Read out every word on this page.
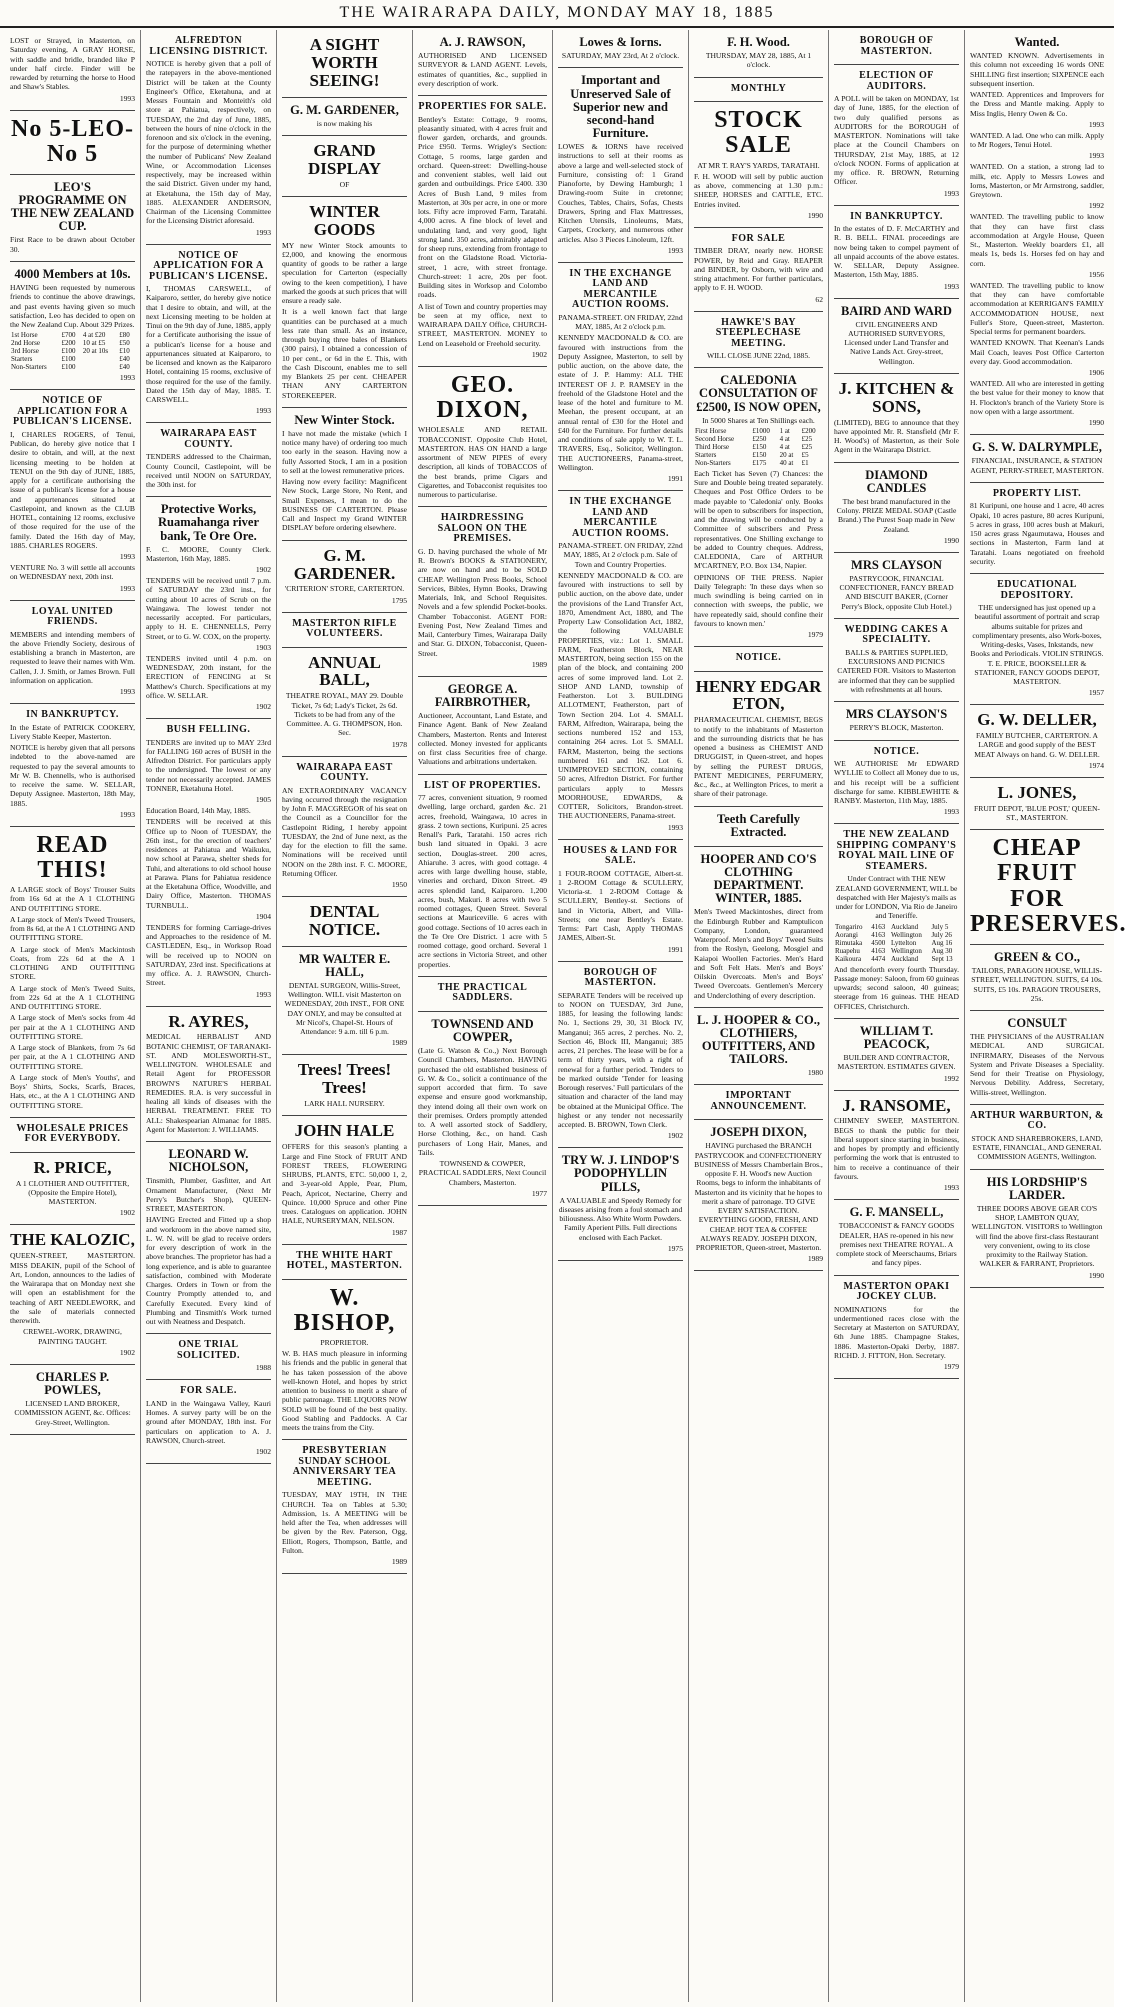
THE WAIRARAPA DAILY, MONDAY MAY 18, 1885
LOST or Strayed, in Masterton, on Saturday evening, A GRAY HORSE, with saddle and bridle, branded like P under half circle. Finder will be rewarded by returning the horse to Hood and Shaw's Stables.
1993
No 5-LEO-No 5
LEO'S PROGRAMME ON THE NEW ZEALAND CUP.
First Race to be drawn about October 30.
4000 Members at 10s.
HAVING been requested by numerous friends to continue the above drawings, and past events having given so much satisfaction, Leo has decided to open on the New Zealand Cup. About 329 Prizes.
1st Horse	£700	4 at £20	£80
2nd Horse	£200	10 at £5	£50
3rd Horse	£100	20 at 10s	£10
Starters	£100		£40
Non-Starters	£100		£40
1993
NOTICE OF APPLICATION FOR A PUBLICAN'S LICENSE.
I, CHARLES ROGERS, of Tenui, Publican, do hereby give notice that I desire to obtain, and will, at the next licensing meeting to be holden at TENUI on the 9th day of JUNE, 1885, apply for a certificate authorising the issue of a publican's license for a house and appurtenances situated at Castlepoint, and known as the CLUB HOTEL, containing 12 rooms, exclusive of those required for the use of the family. Dated the 16th day of May, 1885. CHARLES ROGERS.
1993
VENTURE No. 3 will settle all accounts on WEDNESDAY next, 20th inst.
1993
LOYAL UNITED FRIENDS.
MEMBERS and intending members of the above Friendly Society, desirous of establishing a branch in Masterton, are requested to leave their names with Wm. Callen, J. J. Smith, or James Brown. Full information on application.
1993
IN BANKRUPTCY.
In the Estate of PATRICK COOKERY, Livery Stable Keeper, Masterton.
NOTICE is hereby given that all persons indebted to the above-named are requested to pay the several amounts to Mr W. B. Chennells, who is authorised to receive the same. W. SELLAR, Deputy Assignee. Masterton, 18th May, 1885.
1993
READ THIS!
A LARGE stock of Boys' Trouser Suits from 16s 6d at the A 1 CLOTHING AND OUTFITTING STORE.
A Large stock of Men's Tweed Trousers, from 8s 6d, at the A 1 CLOTHING AND OUTFITTING STORE.
A Large stock of Men's Mackintosh Coats, from 22s 6d at the A 1 CLOTHING AND OUTFITTING STORE.
A Large stock of Men's Tweed Suits, from 22s 6d at the A 1 CLOTHING AND OUTFITTING STORE.
A Large stock of Men's socks from 4d per pair at the A 1 CLOTHING AND OUTFITTING STORE.
A Large stock of Blankets, from 7s 6d per pair, at the A 1 CLOTHING AND OUTFITTING STORE.
A Large stock of Men's Youths', and Boys' Shirts, Socks, Scarfs, Braces, Hats, etc., at the A 1 CLOTHING AND OUTFITTING STORE.
WHOLESALE PRICES FOR EVERYBODY.
R. PRICE,
A 1 CLOTHIER AND OUTFITTER, (Opposite the Empire Hotel), MASTERTON.
1902
THE KALOZIC,
QUEEN-STREET, MASTERTON. MISS DEAKIN, pupil of the School of Art, London, announces to the ladies of the Wairarapa that on Monday next she will open an establishment for the teaching of ART NEEDLEWORK, and the sale of materials connected therewith.
CREWEL-WORK, DRAWING, PAINTING TAUGHT.
1902
CHARLES P. POWLES,
LICENSED LAND BROKER, COMMISSION AGENT, &c. Offices: Grey-Street, Wellington.
ALFREDTON LICENSING DISTRICT.
NOTICE is hereby given that a poll of the ratepayers in the above-mentioned District will be taken at the County Engineer's Office, Eketahuna, and at Messrs Fountain and Monteith's old store at Pahiatua, respectively, on TUESDAY, the 2nd day of June, 1885, between the hours of nine o'clock in the forenoon and six o'clock in the evening, for the purpose of determining whether the number of Publicans' New Zealand Wine, or Accommodation Licenses respectively, may be increased within the said District. Given under my hand, at Eketahuna, the 15th day of May, 1885. ALEXANDER ANDERSON, Chairman of the Licensing Committee for the Licensing District aforesaid.
1993
NOTICE OF APPLICATION FOR A PUBLICAN'S LICENSE.
I, THOMAS CARSWELL, of Kaiparoro, settler, do hereby give notice that I desire to obtain, and will, at the next Licensing meeting to be holden at Tinui on the 9th day of June, 1885, apply for a Certificate authorising the issue of a publican's license for a house and appurtenances situated at Kaiparoro, to be licensed and known as the Kaiparoro Hotel, containing 15 rooms, exclusive of those required for the use of the family. Dated the 15th day of May, 1885. T. CARSWELL.
1993
WAIRARAPA EAST COUNTY.
TENDERS addressed to the Chairman, County Council, Castlepoint, will be received until NOON on SATURDAY, the 30th inst. for
Protective Works, Ruamahanga river bank, Te Ore Ore.
F. C. MOORE, County Clerk. Masterton, 16th May, 1885.
1902
TENDERS will be received until 7 p.m. of SATURDAY the 23rd inst., for cutting about 10 acres of Scrub on the Waingawa. The lowest tender not necessarily accepted. For particulars, apply to H. E. CHENNELLS, Perry Street, or to G. W. COX, on the property.
1903
TENDERS invited until 4 p.m. on WEDNESDAY, 20th instant, for the ERECTION of FENCING at St Matthew's Church. Specifications at my office. W. SELLAR.
1902
BUSH FELLING.
TENDERS are invited up to MAY 23rd for FALLING 160 acres of BUSH in the Alfredton District. For particulars apply to the undersigned. The lowest or any tender not necessarily accepted. JAMES TONNER, Eketahuna Hotel.
1905
Education Board, 14th May, 1885.
TENDERS will be received at this Office up to Noon of TUESDAY, the 26th inst., for the erection of teachers' residences at Pahiatua and Waikuku, now school at Parawa, shelter sheds for Tuhi, and alterations to old school house at Parawa. Plans for Pahiatua residence at the Eketahuna Office, Woodville, and Dairy Office, Masterton. THOMAS TURNBULL.
1904
TENDERS for forming Carriage-drives and Approaches to the residence of M. CASTLEDEN, Esq., in Worksop Road will be received up to NOON on SATURDAY, 23rd inst. Specifications at my office. A. J. RAWSON, Church-Street.
1993
R. AYRES,
MEDICAL HERBALIST AND BOTANIC CHEMIST, OF TARANAKI-ST. AND MOLESWORTH-ST., WELLINGTON. WHOLESALE and Retail Agent for PROFESSOR BROWN'S NATURE'S HERBAL REMEDIES. R.A. is very successful in healing all kinds of diseases with the HERBAL TREATMENT. FREE TO ALL: Shakespearian Almanac for 1885. Agent for Masterton: J. WILLIAMS.
LEONARD W. NICHOLSON,
Tinsmith, Plumber, Gasfitter, and Art Ornament Manufacturer, (Next Mr Perry's Butcher's Shop), QUEEN-STREET, MASTERTON.
HAVING Erected and Fitted up a shop and workroom in the above named site, L. W. N. will be glad to receive orders for every description of work in the above branches. The proprietor has had a long experience, and is able to guarantee satisfaction, combined with Moderate Charges. Orders in Town or from the Country Promptly attended to, and Carefully Executed. Every kind of Plumbing and Tinsmith's Work turned out with Neatness and Despatch.
ONE TRIAL SOLICITED.
1988
FOR SALE.
LAND in the Waingawa Valley, Kauri Homes. A survey party will be on the ground after MONDAY, 18th inst. For particulars on application to A. J. RAWSON, Church-street.
1902
A SIGHT WORTH SEEING!
G. M. GARDENER,
is now making his
GRAND DISPLAY
OF
WINTER GOODS
MY new Winter Stock amounts to £2,000, and knowing the enormous quantity of goods to be rather a large speculation for Carterton (especially owing to the keen competition), I have marked the goods at such prices that will ensure a ready sale.
It is a well known fact that large quantities can be purchased at a much less rate than small. As an instance, through buying three bales of Blankets (300 pairs), I obtained a concession of 10 per cent., or 6d in the £. This, with the Cash Discount, enables me to sell my Blankets 25 per cent. CHEAPER THAN ANY CARTERTON STOREKEEPER.
New Winter Stock.
I have not made the mistake (which I notice many have) of ordering too much too early in the season. Having now a fully Assorted Stock, I am in a position to sell at the lowest remunerative prices.
Having now every facility: Magnificent New Stock, Large Store, No Rent, and Small Expenses, I mean to do the BUSINESS OF CARTERTON. Please Call and Inspect my Grand WINTER DISPLAY before ordering elsewhere.
G. M. GARDENER.
'CRITERION' STORE, CARTERTON.
1795
MASTERTON RIFLE VOLUNTEERS.
ANNUAL BALL,
THEATRE ROYAL, MAY 29. Double Ticket, 7s 6d; Lady's Ticket, 2s 6d. Tickets to be had from any of the Committee. A. G. THOMPSON, Hon. Sec.
1978
WAIRARAPA EAST COUNTY.
AN EXTRAORDINARY VACANCY having occurred through the resignation by John F. MACGREGOR of his seat on the Council as a Councillor for the Castlepoint Riding, I hereby appoint TUESDAY, the 2nd of June next, as the day for the election to fill the same. Nominations will be received until NOON on the 28th inst. F. C. MOORE, Returning Officer.
1950
DENTAL NOTICE.
MR WALTER E. HALL,
DENTAL SURGEON, Willis-Street, Wellington. WILL visit Masterton on WEDNESDAY, 20th INST., FOR ONE DAY ONLY, and may be consulted at Mr Nicol's, Chapel-St. Hours of Attendance: 9 a.m. till 6 p.m.
1989
Trees! Trees! Trees!
LARK HALL NURSERY.
JOHN HALE
OFFERS for this season's planting a Large and Fine Stock of FRUIT AND FOREST TREES, FLOWERING SHRUBS, PLANTS, ETC. 50,000 1, 2, and 3-year-old Apple, Pear, Plum, Peach, Apricot, Nectarine, Cherry and Quince. 10,000 Spruce and other Pine trees. Catalogues on application. JOHN HALE, NURSERYMAN, NELSON.
1987
THE WHITE HART HOTEL, MASTERTON.
W. BISHOP,
PROPRIETOR.
W. B. HAS much pleasure in informing his friends and the public in general that he has taken possession of the above well-known Hotel, and hopes by strict attention to business to merit a share of public patronage. THE LIQUORS NOW SOLD will be found of the best quality. Good Stabling and Paddocks. A Car meets the trains from the City.
PRESBYTERIAN SUNDAY SCHOOL ANNIVERSARY TEA MEETING.
TUESDAY, MAY 19TH, IN THE CHURCH. Tea on Tables at 5.30; Admission, 1s. A MEETING will be held after the Tea, when addresses will be given by the Rev. Paterson, Ogg, Elliott, Rogers, Thompson, Battle, and Fulton.
1989
A. J. RAWSON,
AUTHORISED AND LICENSED SURVEYOR & LAND AGENT. Levels, estimates of quantities, &c., supplied in every description of work.
PROPERTIES FOR SALE.
Bentley's Estate: Cottage, 9 rooms, pleasantly situated, with 4 acres fruit and flower garden, orchards, and grounds. Price £950. Terms. Wrigley's Section: Cottage, 5 rooms, large garden and orchard. Queen-street: Dwelling-house and convenient stables, well laid out garden and outbuildings. Price £400. 330 Acres of Bush Land, 9 miles from Masterton, at 30s per acre, in one or more lots. Fifty acre improved Farm, Taratahi. 4,000 acres. A fine block of level and undulating land, and very good, light strong land. 350 acres, admirably adapted for sheep runs, extending from frontage to front on the Gladstone Road. Victoria-street, 1 acre, with street frontage. Church-street: 1 acre, 20s per foot. Building sites in Worksop and Colombo roads.
A list of Town and country properties may be seen at my office, next to WAIRARAPA DAILY Office, CHURCH-STREET, MASTERTON. MONEY to Lend on Leasehold or Freehold security.
1902
GEO. DIXON,
WHOLESALE AND RETAIL TOBACCONIST. Opposite Club Hotel, MASTERTON. HAS ON HAND a large assortment of NEW PIPES of every description, all kinds of TOBACCOS of the best brands, prime Cigars and Cigarettes, and Tobacconist requisites too numerous to particularise.
HAIRDRESSING SALOON ON THE PREMISES.
G. D. having purchased the whole of Mr R. Brown's BOOKS & STATIONERY, are now on hand and to be SOLD CHEAP. Wellington Press Books, School Services, Bibles, Hymn Books, Drawing Materials, Ink, and School Requisites. Novels and a few splendid Pocket-books. Chamber Tobacconist. AGENT FOR: Evening Post, New Zealand Times and Mail, Canterbury Times, Wairarapa Daily and Star. G. DIXON, Tobacconist, Queen-Street.
1989
GEORGE A. FAIRBROTHER,
Auctioneer, Accountant, Land Estate, and Finance Agent. Bank of New Zealand Chambers, Masterton. Rents and Interest collected. Money invested for applicants on first class Securities free of charge. Valuations and arbitrations undertaken.
LIST OF PROPERTIES.
77 acres, convenient situation, 9 roomed dwelling, large orchard, garden &c. 21 acres, freehold, Waingawa, 10 acres in grass. 2 town sections, Kuripuni. 25 acres Renall's Park, Taratahi. 150 acres rich bush land situated in Opaki. 3 acre section, Douglas-street. 200 acres, Ahiaruhe. 3 acres, with good cottage. 4 acres with large dwelling house, stable, vineries and orchard, Dixon Street. 49 acres splendid land, Kaiparoro. 1,200 acres, bush, Makuri. 8 acres with two 5 roomed cottages, Queen Street. Several sections at Mauriceville. 6 acres with good cottage. Sections of 10 acres each in the Te Ore Ore District. 1 acre with 5 roomed cottage, good orchard. Several 1 acre sections in Victoria Street, and other properties.
THE PRACTICAL SADDLERS.
TOWNSEND AND COWPER,
(Late G. Watson & Co.,) Next Borough Council Chambers, Masterton. HAVING purchased the old established business of G. W. & Co., solicit a continuance of the support accorded that firm. To save expense and ensure good workmanship, they intend doing all their own work on their premises. Orders promptly attended to. A well assorted stock of Saddlery, Horse Clothing, &c., on hand. Cash purchasers of Long Hair, Manes, and Tails.
TOWNSEND & COWPER, PRACTICAL SADDLERS, Next Council Chambers, Masterton.
1977
Lowes & Iorns.
SATURDAY, MAY 23rd, At 2 o'clock.
Important and Unreserved Sale of Superior new and second-hand Furniture.
LOWES & IORNS have received instructions to sell at their rooms as above a large and well-selected stock of Furniture, consisting of: 1 Grand Pianoforte, by Dewing Hamburgh; 1 Drawing-room Suite in cretonne; Couches, Tables, Chairs, Sofas, Chests Drawers, Spring and Flax Mattresses, Kitchen Utensils, Linoleums, Mats, Carpets, Crockery, and numerous other articles. Also 3 Pieces Linoleum, 12ft.
1993
IN THE EXCHANGE LAND AND MERCANTILE AUCTION ROOMS.
PANAMA-STREET. ON FRIDAY, 22nd MAY, 1885, At 2 o'clock p.m.
KENNEDY MACDONALD & CO. are favoured with instructions from the Deputy Assignee, Masterton, to sell by public auction, on the above date, the estate of J. P. Hammy: ALL THE INTEREST OF J. P. RAMSEY in the freehold of the Gladstone Hotel and the lease of the hotel and furniture to M. Meehan, the present occupant, at an annual rental of £30 for the Hotel and £40 for the Furniture. For further details and conditions of sale apply to W. T. L. TRAVERS, Esq., Solicitor, Wellington. THE AUCTIONEERS, Panama-street, Wellington.
1991
IN THE EXCHANGE LAND AND MERCANTILE AUCTION ROOMS.
PANAMA-STREET. ON FRIDAY, 22nd MAY, 1885, At 2 o'clock p.m. Sale of Town and Country Properties.
KENNEDY MACDONALD & CO. are favoured with instructions to sell by public auction, on the above date, under the provisions of the Land Transfer Act, 1870, Amendment Act, 1880, and The Property Law Consolidation Act, 1882, the following VALUABLE PROPERTIES, viz.: Lot 1. SMALL FARM, Featherston Block, NEAR MASTERTON, being section 155 on the plan of the block, and containing 200 acres of some improved land. Lot 2. SHOP AND LAND, township of Featherston. Lot 3. BUILDING ALLOTMENT, Featherston, part of Town Section 204. Lot 4. SMALL FARM, Alfredton, Wairarapa, being the sections numbered 152 and 153, containing 264 acres. Lot 5. SMALL FARM, Masterton, being the sections numbered 161 and 162. Lot 6. UNIMPROVED SECTION, containing 50 acres, Alfredton District. For further particulars apply to Messrs MOORHOUSE, EDWARDS, & COTTER, Solicitors, Brandon-street. THE AUCTIONEERS, Panama-street.
1993
HOUSES & LAND FOR SALE.
1 FOUR-ROOM COTTAGE, Albert-st. 1 2-ROOM Cottage & SCULLERY, Victoria-st. 1 2-ROOM Cottage & SCULLERY, Bentley-st. Sections of land in Victoria, Albert, and Villa-Streets; one near Bentley's Estate. Terms: Part Cash, Apply THOMAS JAMES, Albert-St.
1991
BOROUGH OF MASTERTON.
SEPARATE Tenders will be received up to NOON on TUESDAY, 3rd June, 1885, for leasing the following lands: No. 1, Sections 29, 30, 31 Block IV, Manganui; 365 acres, 2 perches. No. 2, Section 46, Block III, Manganui; 385 acres, 21 perches. The lease will be for a term of thirty years, with a right of renewal for a further period. Tenders to be marked outside 'Tender for leasing Borough reserves.' Full particulars of the situation and character of the land may be obtained at the Municipal Office. The highest or any tender not necessarily accepted. B. BROWN, Town Clerk.
1902
TRY W. J. LINDOP'S PODOPHYLLIN PILLS,
A VALUABLE and Speedy Remedy for diseases arising from a foul stomach and biliousness. Also White Worm Powders. Family Aperient Pills. Full directions enclosed with Each Packet.
1975
F. H. Wood.
THURSDAY, MAY 28, 1885, At 1 o'clock.
MONTHLY
STOCK SALE
AT MR T. RAY'S YARDS, TARATAHI.
F. H. WOOD will sell by public auction as above, commencing at 1.30 p.m.: SHEEP, HORSES and CATTLE, ETC. Entries invited.
1990
FOR SALE
TIMBER DRAY, nearly new. HORSE POWER, by Reid and Gray. REAPER and BINDER, by Osborn, with wire and string attachment. For further particulars, apply to F. H. WOOD.
62
HAWKE'S BAY STEEPLECHASE MEETING.
WILL CLOSE JUNE 22nd, 1885.
CALEDONIA CONSULTATION OF £2500, IS NOW OPEN,
In 5000 Shares at Ten Shillings each.
First Horse	£1000	1 at	£200
Second Horse	£250	4 at	£25
Third Horse	£150	4 at	£25
Starters	£150	20 at	£5
Non-Starters	£175	40 at	£1
Each Ticket has Seven (7) Chances: the Sure and Double being treated separately. Cheques and Post Office Orders to be made payable to 'Caledonia' only. Books will be open to subscribers for inspection, and the drawing will be conducted by a Committee of subscribers and Press representatives. One Shilling exchange to be added to Country cheques. Address, CALEDONIA, Care of ARTHUR M'CARTNEY, P.O. Box 134, Napier.
OPINIONS OF THE PRESS. Napier Daily Telegraph: 'In these days when so much swindling is being carried on in connection with sweeps, the public, we have repeatedly said, should confine their favours to known men.'
1979
NOTICE.
HENRY EDGAR ETON,
PHARMACEUTICAL CHEMIST, BEGS to notify to the inhabitants of Masterton and the surrounding districts that he has opened a business as CHEMIST AND DRUGGIST, in Queen-street, and hopes by selling the PUREST DRUGS, PATENT MEDICINES, PERFUMERY, &c., &c., at Wellington Prices, to merit a share of their patronage.
Teeth Carefully Extracted.
HOOPER AND CO'S CLOTHING DEPARTMENT. WINTER, 1885.
Men's Tweed Mackintoshes, direct from the Edinburgh Rubber and Kamptulicon Company, London, guaranteed Waterproof. Men's and Boys' Tweed Suits from the Roslyn, Geelong, Mosgiel and Kaiapoi Woollen Factories. Men's Hard and Soft Felt Hats. Men's and Boys' Oilskin Overcoats. Men's and Boys' Tweed Overcoats. Gentlemen's Mercery and Underclothing of every description.
L. J. HOOPER & CO., CLOTHIERS, OUTFITTERS, AND TAILORS.
1980
IMPORTANT ANNOUNCEMENT.
JOSEPH DIXON,
HAVING purchased the BRANCH PASTRYCOOK and CONFECTIONERY BUSINESS of Messrs Chamberlain Bros., opposite F. H. Wood's new Auction Rooms, begs to inform the inhabitants of Masterton and its vicinity that he hopes to merit a share of patronage. TO GIVE EVERY SATISFACTION. EVERYTHING GOOD, FRESH, AND CHEAP. HOT TEA & COFFEE ALWAYS READY. JOSEPH DIXON, PROPRIETOR, Queen-street, Masterton.
1989
BOROUGH OF MASTERTON.
ELECTION OF AUDITORS.
A POLL will be taken on MONDAY, 1st day of June, 1885, for the election of two duly qualified persons as AUDITORS for the BOROUGH of MASTERTON. Nominations will take place at the Council Chambers on THURSDAY, 21st May, 1885, at 12 o'clock NOON. Forms of application at my office. R. BROWN, Returning Officer.
1993
IN BANKRUPTCY.
In the estates of D. F. McCARTHY and R. B. BELL. FINAL proceedings are now being taken to compel payment of all unpaid accounts of the above estates. W. SELLAR, Deputy Assignee. Masterton, 15th May, 1885.
1993
BAIRD AND WARD
CIVIL ENGINEERS AND AUTHORISED SURVEYORS, Licensed under Land Transfer and Native Lands Act. Grey-street, Wellington.
J. KITCHEN & SONS,
(LIMITED), BEG to announce that they have appointed Mr. R. Stansfield (Mr F. H. Wood's) of Masterton, as their Sole Agent in the Wairarapa District.
DIAMOND CANDLES
The best brand manufactured in the Colony. PRIZE MEDAL SOAP (Castle Brand.) The Purest Soap made in New Zealand.
1990
MRS CLAYSON
PASTRYCOOK, FINANCIAL CONFECTIONER, FANCY BREAD AND BISCUIT BAKER, (Corner Perry's Block, opposite Club Hotel.)
WEDDING CAKES A SPECIALITY.
BALLS & PARTIES SUPPLIED, EXCURSIONS AND PICNICS CATERED FOR. Visitors to Masterton are informed that they can be supplied with refreshments at all hours.
MRS CLAYSON'S
PERRY'S BLOCK, Masterton.
NOTICE.
WE AUTHORISE Mr EDWARD WYLLIE to Collect all Money due to us, and his receipt will be a sufficient discharge for same. KIBBLEWHITE & RANBY. Masterton, 11th May, 1885.
1993
THE NEW ZEALAND SHIPPING COMPANY'S ROYAL MAIL LINE OF STEAMERS.
Under Contract with THE NEW ZEALAND GOVERNMENT, WILL be despatched with Her Majesty's mails as under for LONDON, Via Rio de Janeiro and Teneriffe.
Tongariro	4163	Auckland	July 5
Aorangi	4163	Wellington	July 26
Rimutaka	4500	Lyttelton	Aug 16
Ruapehu	4163	Wellington	Aug 30
Kaikoura	4474	Auckland	Sept 13
And thenceforth every fourth Thursday. Passage money: Saloon, from 60 guineas upwards; second saloon, 40 guineas; steerage from 16 guineas. THE HEAD OFFICES, Christchurch.
WILLIAM T. PEACOCK,
BUILDER AND CONTRACTOR, MASTERTON. ESTIMATES GIVEN.
1992
J. RANSOME,
CHIMNEY SWEEP, MASTERTON. BEGS to thank the public for their liberal support since starting in business, and hopes by promptly and efficiently performing the work that is entrusted to him to receive a continuance of their favours.
1993
G. F. MANSELL,
TOBACCONIST & FANCY GOODS DEALER, HAS re-opened in his new premises next THEATRE ROYAL. A complete stock of Meerschaums, Briars and fancy pipes.
MASTERTON OPAKI JOCKEY CLUB.
NOMINATIONS for the undermentioned races close with the Secretary at Masterton on SATURDAY, 6th June 1885. Champagne Stakes, 1886. Masterton-Opaki Derby, 1887. RICHD. J. FITTON, Hon. Secretary.
1979
Wanted.
WANTED KNOWN. Advertisements in this column not exceeding 16 words ONE SHILLING first insertion; SIXPENCE each subsequent insertion.
WANTED. Apprentices and Improvers for the Dress and Mantle making. Apply to Miss Inglis, Henry Owen & Co.
1993
WANTED. A lad. One who can milk. Apply to Mr Rogers, Tenui Hotel.
1993
WANTED. On a station, a strong lad to milk, etc. Apply to Messrs Lowes and Iorns, Masterton, or Mr Armstrong, saddler, Greytown.
1992
WANTED. The travelling public to know that they can have first class accommodation at Argyle House, Queen St., Masterton. Weekly boarders £1, all meals 1s, beds 1s. Horses fed on hay and corn.
1956
WANTED. The travelling public to know that they can have comfortable accommodation at KERRIGAN'S FAMILY ACCOMMODATION HOUSE, next Fuller's Store, Queen-street, Masterton. Special terms for permanent boarders.
WANTED KNOWN. That Keenan's Lands Mail Coach, leaves Post Office Carterton every day. Good accommodation.
1906
WANTED. All who are interested in getting the best value for their money to know that H. Flockton's branch of the Variety Store is now open with a large assortment.
1990
G. S. W. DALRYMPLE,
FINANCIAL, INSURANCE, & STATION AGENT, PERRY-STREET, MASTERTON.
PROPERTY LIST.
81 Kuripuni, one house and 1 acre, 40 acres Opaki, 10 acres pasture, 80 acres Kuripuni, 5 acres in grass, 100 acres bush at Makuri, 150 acres grass Ngaumutawa, Houses and sections in Masterton, Farm land at Taratahi. Loans negotiated on freehold security.
EDUCATIONAL DEPOSITORY.
THE undersigned has just opened up a beautiful assortment of portrait and scrap albums suitable for prizes and complimentary presents, also Work-boxes, Writing-desks, Vases, Inkstands, new Books and Periodicals. VIOLIN STRINGS. T. E. PRICE, BOOKSELLER & STATIONER, FANCY GOODS DEPOT, MASTERTON.
1957
G. W. DELLER,
FAMILY BUTCHER, CARTERTON. A LARGE and good supply of the BEST MEAT Always on hand. G. W. DELLER.
1974
L. JONES,
FRUIT DEPOT, 'BLUE POST,' QUEEN-ST., MASTERTON.
CHEAP FRUIT FOR PRESERVES.
GREEN & CO.,
TAILORS, PARAGON HOUSE, WILLIS-STREET, WELLINGTON. SUITS, £4 10s. SUITS, £5 10s. PARAGON TROUSERS, 25s.
CONSULT
THE PHYSICIANS of the AUSTRALIAN MEDICAL AND SURGICAL INFIRMARY, Diseases of the Nervous System and Private Diseases a Speciality. Send for their Treatise on Physiology, Nervous Debility. Address, Secretary, Willis-street, Wellington.
ARTHUR WARBURTON, & CO.
STOCK AND SHAREBROKERS, LAND, ESTATE, FINANCIAL, AND GENERAL COMMISSION AGENTS, Wellington.
HIS LORDSHIP'S LARDER.
THREE DOORS ABOVE GEAR CO'S SHOP, LAMBTON QUAY, WELLINGTON. VISITORS to Wellington will find the above first-class Restaurant very convenient, owing to its close proximity to the Railway Station. WALKER & FARRANT, Proprietors.
1990
